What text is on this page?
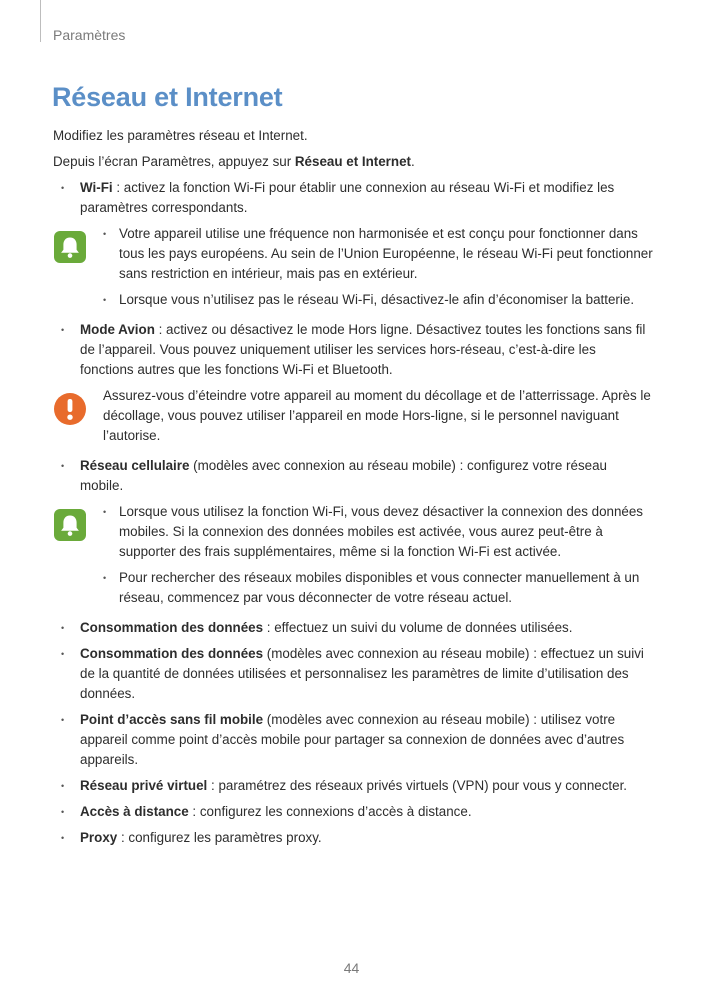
Paramètres
Réseau et Internet

Modifiez les paramètres réseau et Internet.

Depuis l’écran Paramètres, appuyez sur Réseau et Internet.

• Wi-Fi : activez la fonction Wi-Fi pour établir une connexion au réseau Wi-Fi et modifiez les paramètres correspondants.
• Votre appareil utilise une fréquence non harmonisée et est conçu pour fonctionner dans tous les pays européens. Au sein de l’Union Européenne, le réseau Wi-Fi peut fonctionner sans restriction en intérieur, mais pas en extérieur.
• Lorsque vous n’utilisez pas le réseau Wi-Fi, désactivez-le afin d’économiser la batterie.
• Mode Avion : activez ou désactivez le mode Hors ligne. Désactivez toutes les fonctions sans fil de l’appareil. Vous pouvez uniquement utiliser les services hors-réseau, c’est-à-dire les fonctions autres que les fonctions Wi-Fi et Bluetooth.

Assurez-vous d’éteindre votre appareil au moment du décollage et de l’atterrissage. Après le décollage, vous pouvez utiliser l’appareil en mode Hors-ligne, si le personnel naviguant l’autorise.

• Réseau cellulaire (modèles avec connexion au réseau mobile) : configurez votre réseau mobile.
• Lorsque vous utilisez la fonction Wi-Fi, vous devez désactiver la connexion des données mobiles. Si la connexion des données mobiles est activée, vous aurez peut-être à supporter des frais supplémentaires, même si la fonction Wi-Fi est activée.
• Pour rechercher des réseaux mobiles disponibles et vous connecter manuellement à un réseau, commencez par vous déconnecter de votre réseau actuel.
• Consommation des données : effectuez un suivi du volume de données utilisées.
• Consommation des données (modèles avec connexion au réseau mobile) : effectuez un suivi de la quantité de données utilisées et personnalisez les paramètres de limite d’utilisation des données.
• Point d’accès sans fil mobile (modèles avec connexion au réseau mobile) : utilisez votre appareil comme point d’accès mobile pour partager sa connexion de données avec d’autres appareils.
• Réseau privé virtuel : paramétrez des réseaux privés virtuels (VPN) pour vous y connecter.
• Accès à distance : configurez les connexions d’accès à distance.
• Proxy : configurez les paramètres proxy.
44
